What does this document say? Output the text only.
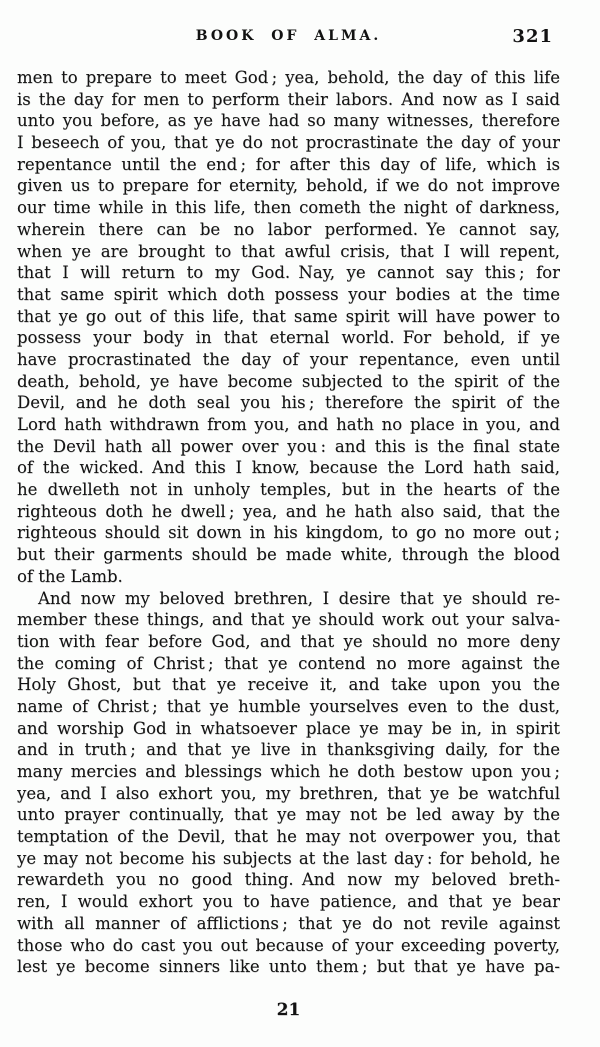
BOOK OF ALMA.	321
men to prepare to meet God ; yea, behold, the day of this life
is the day for men to perform their labors. And now as I said
unto you before, as ye have had so many witnesses, therefore
I beseech of you, that ye do not procrastinate the day of your
repentance until the end ; for after this day of life, which is
given us to prepare for eternity, behold, if we do not improve
our time while in this life, then cometh the night of darkness,
wherein there can be no labor performed. Ye cannot say,
when ye are brought to that awful crisis, that I will repent,
that I will return to my God. Nay, ye cannot say this ; for
that same spirit which doth possess your bodies at the time
that ye go out of this life, that same spirit will have power to
possess your body in that eternal world. For behold, if ye
have procrastinated the day of your repentance, even until
death, behold, ye have become subjected to the spirit of the
Devil, and he doth seal you his ; therefore the spirit of the
Lord hath withdrawn from you, and hath no place in you, and
the Devil hath all power over you : and this is the final state
of the wicked. And this I know, because the Lord hath said,
he dwelleth not in unholy temples, but in the hearts of the
righteous doth he dwell ; yea, and he hath also said, that the
righteous should sit down in his kingdom, to go no more out ;
but their garments should be made white, through the blood
of the Lamb.
And now my beloved brethren, I desire that ye should re-
member these things, and that ye should work out your salva-
tion with fear before God, and that ye should no more deny
the coming of Christ ; that ye contend no more against the
Holy Ghost, but that ye receive it, and take upon you the
name of Christ ; that ye humble yourselves even to the dust,
and worship God in whatsoever place ye may be in, in spirit
and in truth ; and that ye live in thanksgiving daily, for the
many mercies and blessings which he doth bestow upon you ;
yea, and I also exhort you, my brethren, that ye be watchful
unto prayer continually, that ye may not be led away by the
temptation of the Devil, that he may not overpower you, that
ye may not become his subjects at the last day : for behold, he
rewardeth you no good thing. And now my beloved breth-
ren, I would exhort you to have patience, and that ye bear
with all manner of afflictions ; that ye do not revile against
those who do cast you out because of your exceeding poverty,
lest ye become sinners like unto them ; but that ye have pa-
21
